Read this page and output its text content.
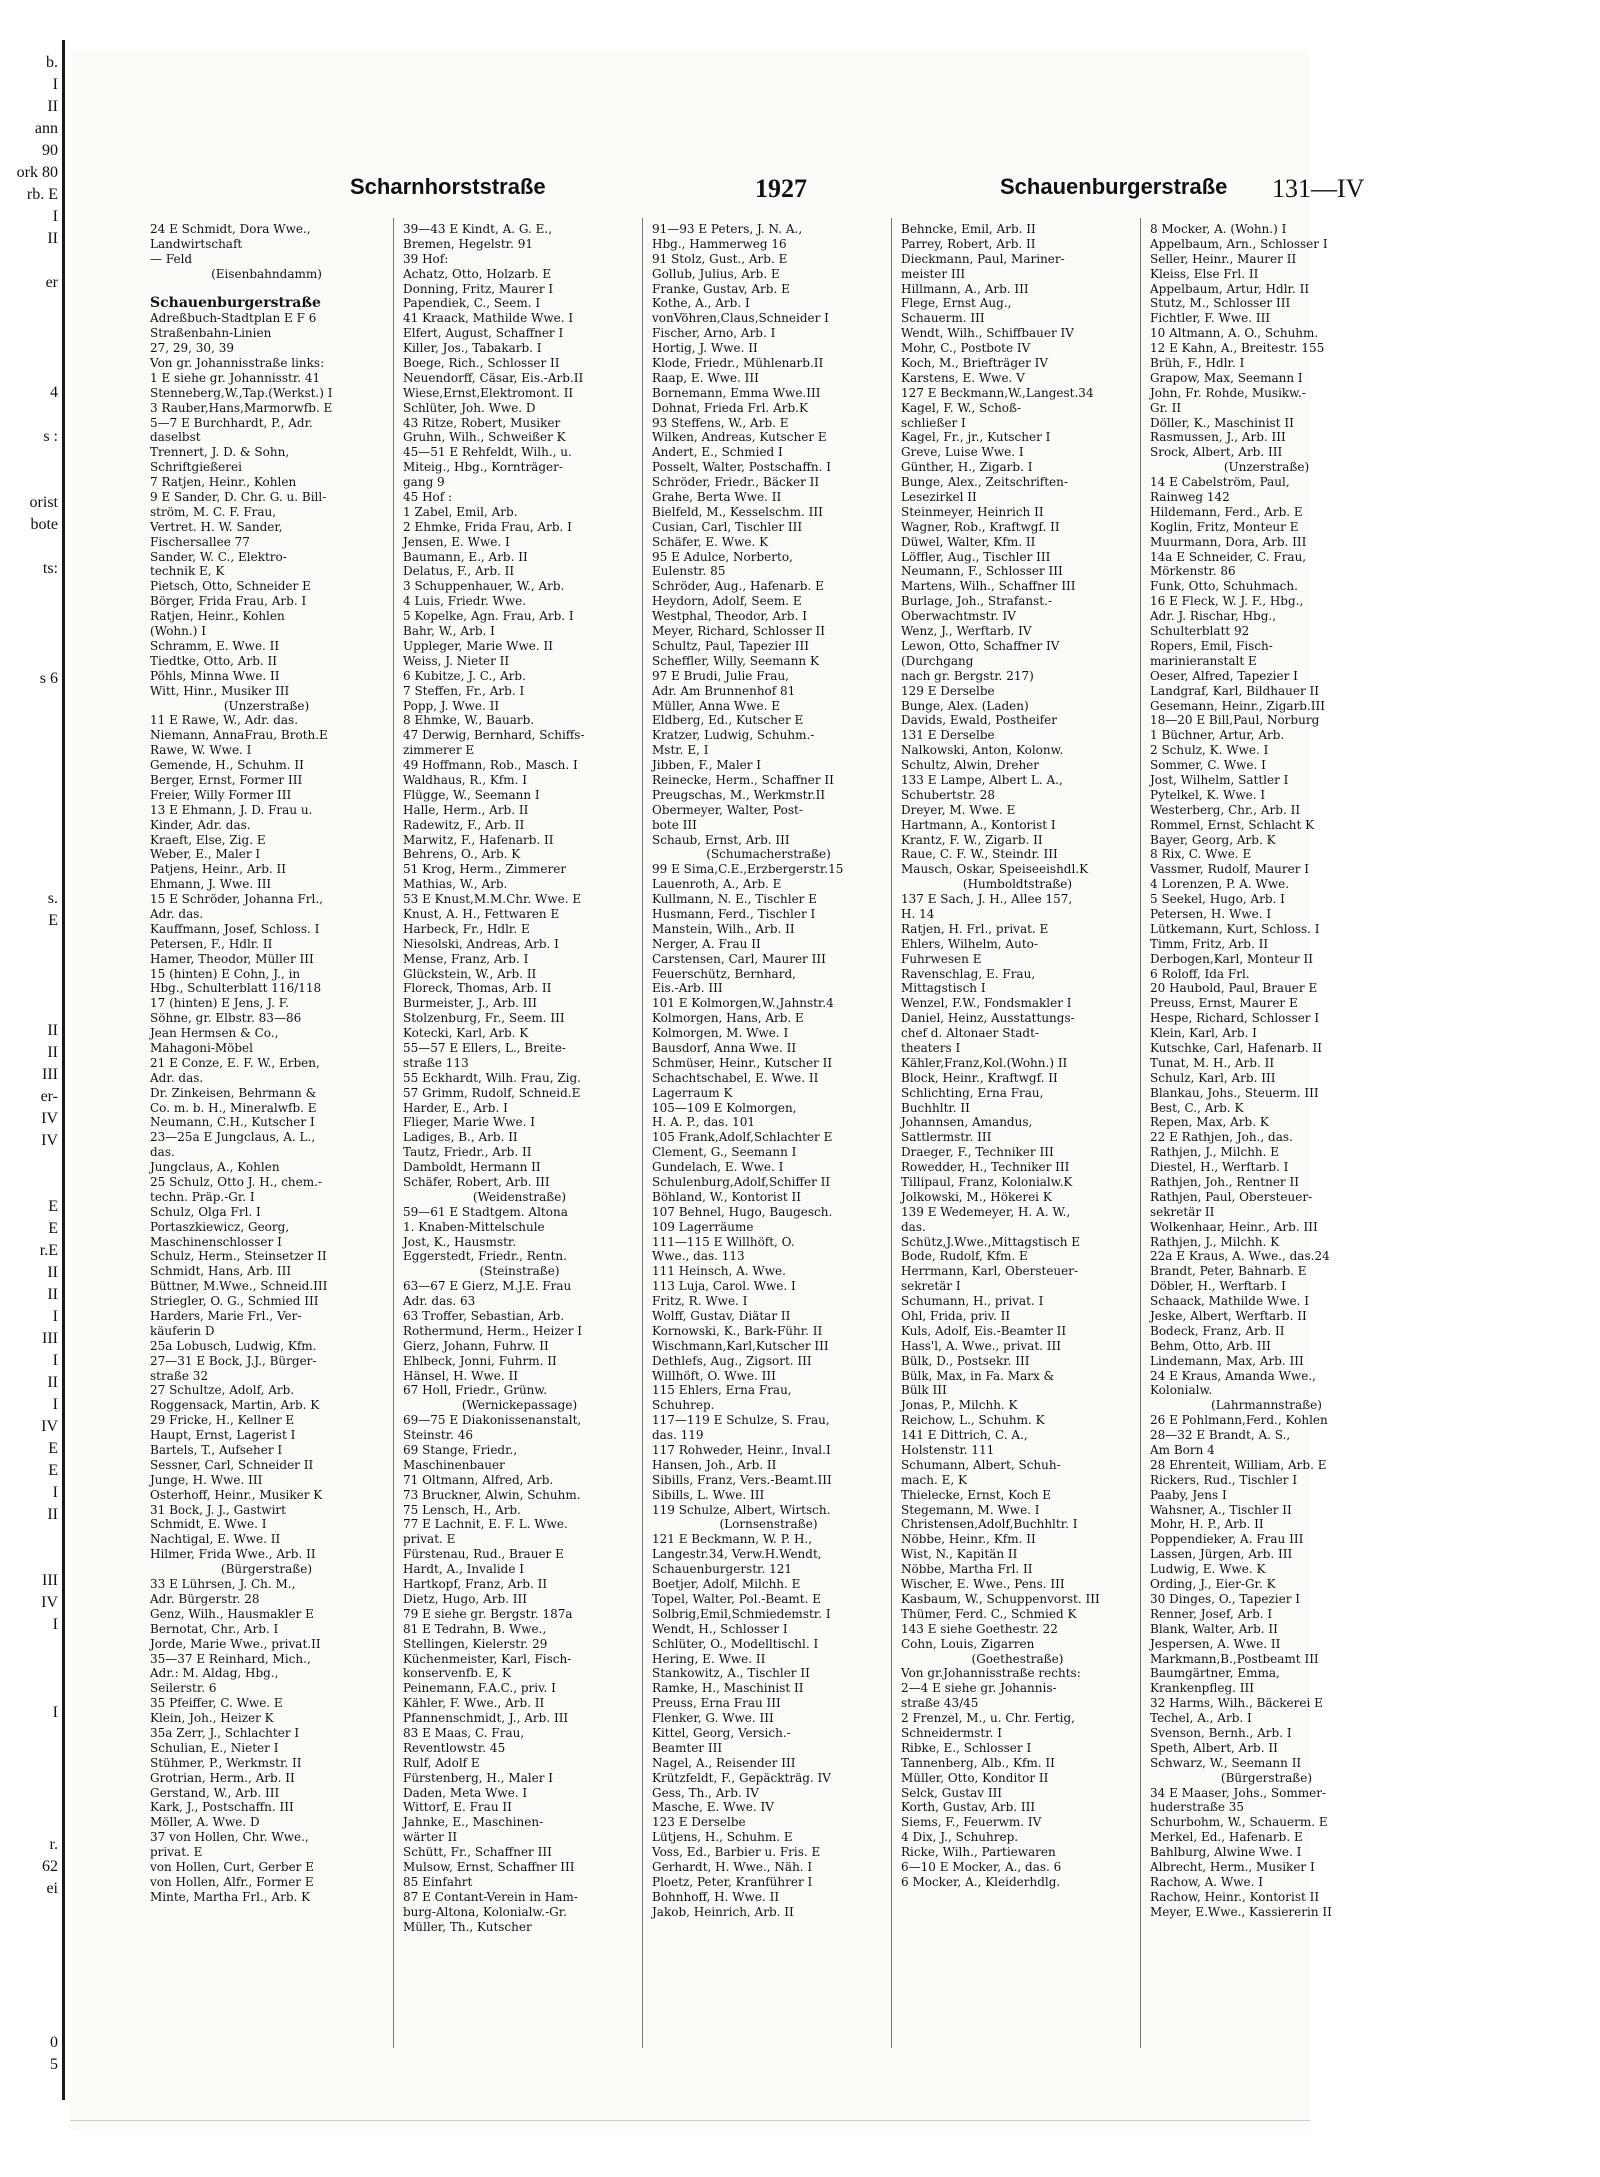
b.
I
II
ann
90
ork 80
rb. E
I
II
er
4
s :
orist
bote
ts:
s 6
s.
E
II
II
III
er-
IV
IV
E
E
r.E
II
II
I
III
I
II
I
IV
E
E
I
II
III
IV
I
I
r.
62
ei
0
5
Scharnhorststraße	1927	Schauenburgerstraße 131—IV
24 E Schmidt, Dora Wwe.,
Landwirtschaft
— Feld
(Eisenbahndamm)
Schauenburgerstraße
Adreßbuch-Stadtplan E F 6
Straßenbahn-Linien
27, 29, 30, 39
Von gr. Johannisstraße links:
1 E siehe gr. Johannisstr. 41
Stenneberg,W.,Tap.(Werkst.) I
3 Rauber,Hans,Marmorwfb. E
5—7 E Burchhardt, P., Adr.
daselbst
Trennert, J. D. & Sohn,
Schriftgießerei
7 Ratjen, Heinr., Kohlen
9 E Sander, D. Chr. G. u. Bill-
ström, M. C. F. Frau,
Vertret. H. W. Sander,
Fischersallee 77
Sander, W. C., Elektro-
technik E, K
Pietsch, Otto, Schneider E
Börger, Frida Frau, Arb. I
Ratjen, Heinr., Kohlen
(Wohn.) I
Schramm, E. Wwe. II
Tiedtke, Otto, Arb. II
Pöhls, Minna Wwe. II
Witt, Hinr., Musiker III
(Unzerstraße)
11 E Rawe, W., Adr. das.
Niemann, AnnaFrau, Broth.E
Rawe, W. Wwe. I
Gemende, H., Schuhm. II
Berger, Ernst, Former III
Freier, Willy Former III
13 E Ehmann, J. D. Frau u.
Kinder, Adr. das.
Kraeft, Else, Zig. E
Weber, E., Maler I
Patjens, Heinr., Arb. II
Ehmann, J. Wwe. III
15 E Schröder, Johanna Frl.,
Adr. das.
Kauffmann, Josef, Schloss. I
Petersen, F., Hdlr. II
Hamer, Theodor, Müller III
15 (hinten) E Cohn, J., in
Hbg., Schulterblatt 116/118
17 (hinten) E Jens, J. F.
Söhne, gr. Elbstr. 83—86
Jean Hermsen & Co.,
Mahagoni-Möbel
21 E Conze, E. F. W., Erben,
Adr. das.
Dr. Zinkeisen, Behrmann &
Co. m. b. H., Mineralwfb. E
Neumann, C.H., Kutscher I
23—25a E Jungclaus, A. L.,
das.
Jungclaus, A., Kohlen
25 Schulz, Otto J. H., chem.-
techn. Präp.-Gr. I
Schulz, Olga Frl. I
Portaszkiewicz, Georg,
Maschinenschlosser I
Schulz, Herm., Steinsetzer II
Schmidt, Hans, Arb. III
Büttner, M.Wwe., Schneid.III
Striegler, O. G., Schmied III
Harders, Marie Frl., Ver-
käuferin D
25a Lobusch, Ludwig, Kfm.
27—31 E Bock, J.J., Bürger-
straße 32
27 Schultze, Adolf, Arb.
Roggensack, Martin, Arb. K
29 Fricke, H., Kellner E
Haupt, Ernst, Lagerist I
Bartels, T., Aufseher I
Sessner, Carl, Schneider II
Junge, H. Wwe. III
Osterhoff, Heinr., Musiker K
31 Bock, J. J., Gastwirt
Schmidt, E. Wwe. I
Nachtigal, E. Wwe. II
Hilmer, Frida Wwe., Arb. II
(Bürgerstraße)
33 E Lührsen, J. Ch. M.,
Adr. Bürgerstr. 28
Genz, Wilh., Hausmakler E
Bernotat, Chr., Arb. I
Jorde, Marie Wwe., privat.II
35—37 E Reinhard, Mich.,
Adr.: M. Aldag, Hbg.,
Seilerstr. 6
35 Pfeiffer, C. Wwe. E
Klein, Joh., Heizer K
35a Zerr, J., Schlachter I
Schulian, E., Nieter I
Stühmer, P., Werkmstr. II
Grotrian, Herm., Arb. II
Gerstand, W., Arb. III
Kark, J., Postschaffn. III
Möller, A. Wwe. D
37 von Hollen, Chr. Wwe.,
privat. E
von Hollen, Curt, Gerber E
von Hollen, Alfr., Former E
Minte, Martha Frl., Arb. K
39—43 E Kindt, A. G. E.,
Bremen, Hegelstr. 91
39 Hof:
Achatz, Otto, Holzarb. E
Donning, Fritz, Maurer I
Papendiek, C., Seem. I
41 Kraack, Mathilde Wwe. I
Elfert, August, Schaffner I
Killer, Jos., Tabakarb. I
Boege, Rich., Schlosser II
Neuendorff, Cäsar, Eis.-Arb.II
Wiese,Ernst,Elektromont. II
Schlüter, Joh. Wwe. D
43 Ritze, Robert, Musiker
Gruhn, Wilh., Schweißer K
45—51 E Rehfeldt, Wilh., u.
Miteig., Hbg., Kornträger-
gang 9
45 Hof :
1 Zabel, Emil, Arb.
2 Ehmke, Frida Frau, Arb. I
Jensen, E. Wwe. I
Baumann, E., Arb. II
Delatus, F., Arb. II
3 Schuppenhauer, W., Arb.
4 Luis, Friedr. Wwe.
5 Kopelke, Agn. Frau, Arb. I
Bahr, W., Arb. I
Uppleger, Marie Wwe. II
Weiss, J. Nieter II
6 Kubitze, J. C., Arb.
7 Steffen, Fr., Arb. I
Popp, J. Wwe. II
8 Ehmke, W., Bauarb.
47 Derwig, Bernhard, Schiffs-
zimmerer E
49 Hoffmann, Rob., Masch. I
Waldhaus, R., Kfm. I
Flügge, W., Seemann I
Halle, Herm., Arb. II
Radewitz, F., Arb. II
Marwitz, F., Hafenarb. II
Behrens, O., Arb. K
51 Krog, Herm., Zimmerer
Mathias, W., Arb.
53 E Knust,M.M.Chr. Wwe. E
Knust, A. H., Fettwaren E
Harbeck, Fr., Hdlr. E
Niesolski, Andreas, Arb. I
Mense, Franz, Arb. I
Glückstein, W., Arb. II
Floreck, Thomas, Arb. II
Burmeister, J., Arb. III
Stolzenburg, Fr., Seem. III
Kotecki, Karl, Arb. K
55—57 E Ellers, L., Breite-
straße 113
55 Eckhardt, Wilh. Frau, Zig.
57 Grimm, Rudolf, Schneid.E
Harder, E., Arb. I
Flieger, Marie Wwe. I
Ladiges, B., Arb. II
Tautz, Friedr., Arb. II
Damboldt, Hermann II
Schäfer, Robert, Arb. III
(Weidenstraße)
59—61 E Stadtgem. Altona
1. Knaben-Mittelschule
Jost, K., Hausmstr.
Eggerstedt, Friedr., Rentn.
(Steinstraße)
63—67 E Gierz, M.J.E. Frau
Adr. das. 63
63 Troffer, Sebastian, Arb.
Rothermund, Herm., Heizer I
Gierz, Johann, Fuhrw. II
Ehlbeck, Jonni, Fuhrm. II
Hänsel, H. Wwe. II
67 Holl, Friedr., Grünw.
(Wernickepassage)
69—75 E Diakonissenanstalt,
Steinstr. 46
69 Stange, Friedr.,
Maschinenbauer
71 Oltmann, Alfred, Arb.
73 Bruckner, Alwin, Schuhm.
75 Lensch, H., Arb.
77 E Lachnit, E. F. L. Wwe.
privat. E
Fürstenau, Rud., Brauer E
Hardt, A., Invalide I
Hartkopf, Franz, Arb. II
Dietz, Hugo, Arb. III
79 E siehe gr. Bergstr. 187a
81 E Tedrahn, B. Wwe.,
Stellingen, Kielerstr. 29
Küchenmeister, Karl, Fisch-
konservenfb. E, K
Peinemann, F.A.C., priv. I
Kähler, F. Wwe., Arb. II
Pfannenschmidt, J., Arb. III
83 E Maas, C. Frau,
Reventlowstr. 45
Rulf, Adolf E
Fürstenberg, H., Maler I
Daden, Meta Wwe. I
Wittorf, E. Frau II
Jahnke, E., Maschinen-
wärter II
Schütt, Fr., Schaffner III
Mulsow, Ernst, Schaffner III
85 Einfahrt
87 E Contant-Verein in Ham-
burg-Altona, Kolonialw.-Gr.
Müller, Th., Kutscher
91—93 E Peters, J. N. A.,
Hbg., Hammerweg 16
91 Stolz, Gust., Arb. E
Gollub, Julius, Arb. E
Franke, Gustav, Arb. E
Kothe, A., Arb. I
vonVöhren,Claus,Schneider I
Fischer, Arno, Arb. I
Hortig, J. Wwe. II
Klode, Friedr., Mühlenarb.II
Raap, E. Wwe. III
Bornemann, Emma Wwe.III
Dohnat, Frieda Frl. Arb.K
93 Steffens, W., Arb. E
Wilken, Andreas, Kutscher E
Andert, E., Schmied I
Posselt, Walter, Postschaffn. I
Schröder, Friedr., Bäcker II
Grahe, Berta Wwe. II
Bielfeld, M., Kesselschm. III
Cusian, Carl, Tischler III
Schäfer, E. Wwe. K
95 E Adulce, Norberto,
Eulenstr. 85
Schröder, Aug., Hafenarb. E
Heydorn, Adolf, Seem. E
Westphal, Theodor, Arb. I
Meyer, Richard, Schlosser II
Schultz, Paul, Tapezier III
Scheffler, Willy, Seemann K
97 E Brudi, Julie Frau,
Adr. Am Brunnenhof 81
Müller, Anna Wwe. E
Eldberg, Ed., Kutscher E
Kratzer, Ludwig, Schuhm.-
Mstr. E, I
Jibben, F., Maler I
Reinecke, Herm., Schaffner II
Preugschas, M., Werkmstr.II
Obermeyer, Walter, Post-
bote III
Schaub, Ernst, Arb. III
(Schumacherstraße)
99 E Sima,C.E.,Erzbergerstr.15
Lauenroth, A., Arb. E
Kullmann, N. E., Tischler E
Husmann, Ferd., Tischler I
Manstein, Wilh., Arb. II
Nerger, A. Frau II
Carstensen, Carl, Maurer III
Feuerschütz, Bernhard,
Eis.-Arb. III
101 E Kolmorgen,W.,Jahnstr.4
Kolmorgen, Hans, Arb. E
Kolmorgen, M. Wwe. I
Bausdorf, Anna Wwe. II
Schmüser, Heinr., Kutscher II
Schachtschabel, E. Wwe. II
Lagerraum K
105—109 E Kolmorgen,
H. A. P., das. 101
105 Frank,Adolf,Schlachter E
Clement, G., Seemann I
Gundelach, E. Wwe. I
Schulenburg,Adolf,Schiffer II
Böhland, W., Kontorist II
107 Behnel, Hugo, Baugesch.
109 Lagerräume
111—115 E Willhöft, O.
Wwe., das. 113
111 Heinsch, A. Wwe.
113 Luja, Carol. Wwe. I
Fritz, R. Wwe. I
Wolff, Gustav, Diätar II
Kornowski, K., Bark-Führ. II
Wischmann,Karl,Kutscher III
Dethlefs, Aug., Zigsort. III
Willhöft, O. Wwe. III
115 Ehlers, Erna Frau,
Schuhrep.
117—119 E Schulze, S. Frau,
das. 119
117 Rohweder, Heinr., Inval.I
Hansen, Joh., Arb. II
Sibills, Franz, Vers.-Beamt.III
Sibills, L. Wwe. III
119 Schulze, Albert, Wirtsch.
(Lornsenstraße)
121 E Beckmann, W. P. H.,
Langestr.34, Verw.H.Wendt,
Schauenburgerstr. 121
Boetjer, Adolf, Milchh. E
Topel, Walter, Pol.-Beamt. E
Solbrig,Emil,Schmiedemstr. I
Wendt, H., Schlosser I
Schlüter, O., Modelltischl. I
Hering, E. Wwe. II
Stankowitz, A., Tischler II
Ramke, H., Maschinist II
Preuss, Erna Frau III
Flenker, G. Wwe. III
Kittel, Georg, Versich.-
Beamter III
Nagel, A., Reisender III
Krützfeldt, F., Gepäckträg. IV
Gess, Th., Arb. IV
Masche, E. Wwe. IV
123 E Derselbe
Lütjens, H., Schuhm. E
Voss, Ed., Barbier u. Fris. E
Gerhardt, H. Wwe., Näh. I
Ploetz, Peter, Kranführer I
Bohnhoff, H. Wwe. II
Jakob, Heinrich, Arb. II
Behncke, Emil, Arb. II
Parrey, Robert, Arb. II
Dieckmann, Paul, Mariner-
meister III
Hillmann, A., Arb. III
Flege, Ernst Aug.,
Schauerm. III
Wendt, Wilh., Schiffbauer IV
Mohr, C., Postbote IV
Koch, M., Briefträger IV
Karstens, E. Wwe. V
127 E Beckmann,W.,Langest.34
Kagel, F. W., Schoß-
schließer I
Kagel, Fr., jr., Kutscher I
Greve, Luise Wwe. I
Günther, H., Zigarb. I
Bunge, Alex., Zeitschriften-
Lesezirkel II
Steinmeyer, Heinrich II
Wagner, Rob., Kraftwgf. II
Düwel, Walter, Kfm. II
Löffler, Aug., Tischler III
Neumann, F., Schlosser III
Martens, Wilh., Schaffner III
Burlage, Joh., Strafanst.-
Oberwachtmstr. IV
Wenz, J., Werftarb. IV
Lewon, Otto, Schaffner IV
(Durchgang
nach gr. Bergstr. 217)
129 E Derselbe
Bunge, Alex. (Laden)
Davids, Ewald, Postheifer
131 E Derselbe
Nalkowski, Anton, Kolonw.
Schultz, Alwin, Dreher
133 E Lampe, Albert L. A.,
Schubertstr. 28
Dreyer, M. Wwe. E
Hartmann, A., Kontorist I
Krantz, F. W., Zigarb. II
Raue, C. F. W., Steindr. III
Mausch, Oskar, Speiseeishdl.K
(Humboldtstraße)
137 E Sach, J. H., Allee 157,
H. 14
Ratjen, H. Frl., privat. E
Ehlers, Wilhelm, Auto-
Fuhrwesen E
Ravenschlag, E. Frau,
Mittagstisch I
Wenzel, F.W., Fondsmakler I
Daniel, Heinz, Ausstattungs-
chef d. Altonaer Stadt-
theaters I
Kähler,Franz,Kol.(Wohn.) II
Block, Heinr., Kraftwgf. II
Schlichting, Erna Frau,
Buchhltr. II
Johannsen, Amandus,
Sattlermstr. III
Draeger, F., Techniker III
Rowedder, H., Techniker III
Tillipaul, Franz, Kolonialw.K
Jolkowski, M., Hökerei K
139 E Wedemeyer, H. A. W.,
das.
Schütz,J.Wwe.,Mittagstisch E
Bode, Rudolf, Kfm. E
Herrmann, Karl, Obersteuer-
sekretär I
Schumann, H., privat. I
Ohl, Frida, priv. II
Kuls, Adolf, Eis.-Beamter II
Hass'l, A. Wwe., privat. III
Bülk, D., Postsekr. III
Bülk, Max, in Fa. Marx &
Bülk III
Jonas, P., Milchh. K
Reichow, L., Schuhm. K
141 E Dittrich, C. A.,
Holstenstr. 111
Schumann, Albert, Schuh-
mach. E, K
Thielecke, Ernst, Koch E
Stegemann, M. Wwe. I
Christensen,Adolf,Buchhltr. I
Nöbbe, Heinr., Kfm. II
Wist, N., Kapitän II
Nöbbe, Martha Frl. II
Wischer, E. Wwe., Pens. III
Kasbaum, W., Schuppenvorst. III
Thümer, Ferd. C., Schmied K
143 E siehe Goethestr. 22
Cohn, Louis, Zigarren
(Goethestraße)
Von gr.Johannisstraße rechts:
2—4 E siehe gr. Johannis-
straße 43/45
2 Frenzel, M., u. Chr. Fertig,
Schneidermstr. I
Ribke, E., Schlosser I
Tannenberg, Alb., Kfm. II
Müller, Otto, Konditor II
Selck, Gustav III
Korth, Gustav, Arb. III
Siems, F., Feuerwm. IV
4 Dix, J., Schuhrep.
Ricke, Wilh., Partiewaren
6—10 E Mocker, A., das. 6
6 Mocker, A., Kleiderhdlg.
8 Mocker, A. (Wohn.) I
Appelbaum, Arn., Schlosser I
Seller, Heinr., Maurer II
Kleiss, Else Frl. II
Appelbaum, Artur, Hdlr. II
Stutz, M., Schlosser III
Fichtler, F. Wwe. III
10 Altmann, A. O., Schuhm.
12 E Kahn, A., Breitestr. 155
Brüh, F., Hdlr. I
Grapow, Max, Seemann I
John, Fr. Rohde, Musikw.-
Gr. II
Döller, K., Maschinist II
Rasmussen, J., Arb. III
Srock, Albert, Arb. III
(Unzerstraße)
14 E Cabelström, Paul,
Rainweg 142
Hildemann, Ferd., Arb. E
Koglin, Fritz, Monteur E
Muurmann, Dora, Arb. III
14a E Schneider, C. Frau,
Mörkenstr. 86
Funk, Otto, Schuhmach.
16 E Fleck, W. J. F., Hbg.,
Adr. J. Rischar, Hbg.,
Schulterblatt 92
Ropers, Emil, Fisch-
marinieranstalt E
Oeser, Alfred, Tapezier I
Landgraf, Karl, Bildhauer II
Gesemann, Heinr., Zigarb.III
18—20 E Bill,Paul, Norburg
1 Büchner, Artur, Arb.
2 Schulz, K. Wwe. I
Sommer, C. Wwe. I
Jost, Wilhelm, Sattler I
Pytelkel, K. Wwe. I
Westerberg, Chr., Arb. II
Rommel, Ernst, Schlacht K
Bayer, Georg, Arb. K
8 Rix, C. Wwe. E
Vassmer, Rudolf, Maurer I
4 Lorenzen, P. A. Wwe.
5 Seekel, Hugo, Arb. I
Petersen, H. Wwe. I
Lütkemann, Kurt, Schloss. I
Timm, Fritz, Arb. II
Derbogen,Karl, Monteur II
6 Roloff, Ida Frl.
20 Haubold, Paul, Brauer E
Preuss, Ernst, Maurer E
Hespe, Richard, Schlosser I
Klein, Karl, Arb. I
Kutschke, Carl, Hafenarb. II
Tunat, M. H., Arb. II
Schulz, Karl, Arb. III
Blankau, Johs., Steuerm. III
Best, C., Arb. K
Repen, Max, Arb. K
22 E Rathjen, Joh., das.
Rathjen, J., Milchh. E
Diestel, H., Werftarb. I
Rathjen, Joh., Rentner II
Rathjen, Paul, Obersteuer-
sekretär II
Wolkenhaar, Heinr., Arb. III
Rathjen, J., Milchh. K
22a E Kraus, A. Wwe., das.24
Brandt, Peter, Bahnarb. E
Döbler, H., Werftarb. I
Schaack, Mathilde Wwe. I
Jeske, Albert, Werftarb. II
Bodeck, Franz, Arb. II
Behm, Otto, Arb. III
Lindemann, Max, Arb. III
24 E Kraus, Amanda Wwe.,
Kolonialw.
(Lahrmannstraße)
26 E Pohlmann,Ferd., Kohlen
28—32 E Brandt, A. S.,
Am Born 4
28 Ehrenteit, William, Arb. E
Rickers, Rud., Tischler I
Paaby, Jens I
Wahsner, A., Tischler II
Mohr, H. P., Arb. II
Poppendieker, A. Frau III
Lassen, Jürgen, Arb. III
Ludwig, E. Wwe. K
Ording, J., Eier-Gr. K
30 Dinges, O., Tapezier I
Renner, Josef, Arb. I
Blank, Walter, Arb. II
Jespersen, A. Wwe. II
Markmann,B.,Postbeamt III
Baumgärtner, Emma,
Krankenpfleg. III
32 Harms, Wilh., Bäckerei E
Techel, A., Arb. I
Svenson, Bernh., Arb. I
Speth, Albert, Arb. II
Schwarz, W., Seemann II
(Bürgerstraße)
34 E Maaser, Johs., Sommer-
huderstraße 35
Schurbohm, W., Schauerm. E
Merkel, Ed., Hafenarb. E
Bahlburg, Alwine Wwe. I
Albrecht, Herm., Musiker I
Rachow, A. Wwe. I
Rachow, Heinr., Kontorist II
Meyer, E.Wwe., Kassiererin II
